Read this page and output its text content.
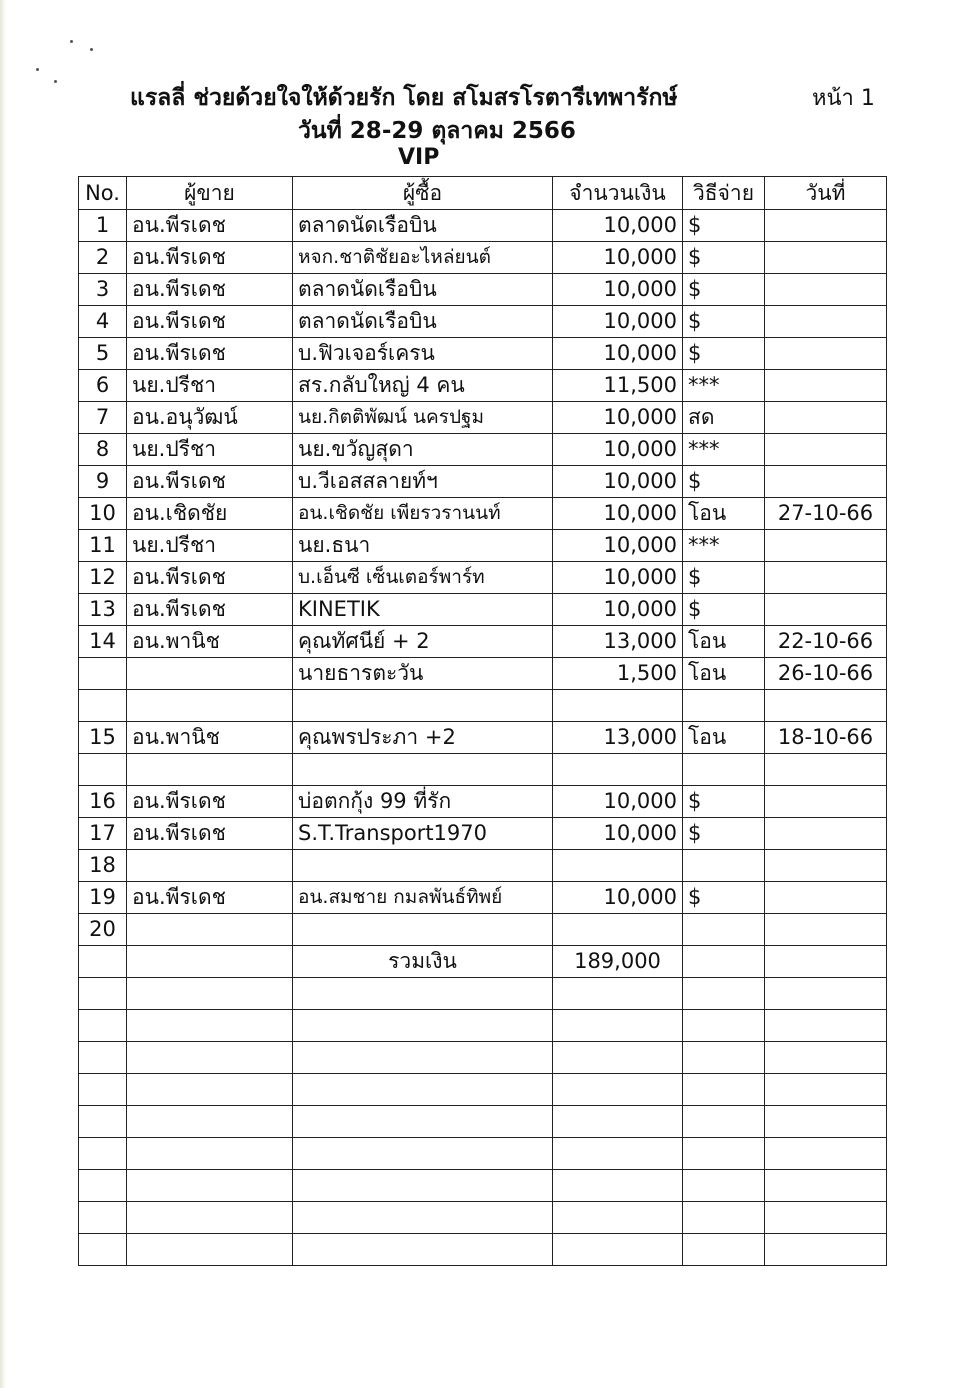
แรลลี่ ช่วยด้วยใจให้ด้วยรัก โดย สโมสรโรตารีเทพารักษ์
วันที่ 28-29 ตุลาคม 2566
VIP
หน้า 1
No.	ผู้ขาย	ผู้ซื้อ	จำนวนเงิน	วิธีจ่าย	วันที่
1	อน.พีรเดช	ตลาดนัดเรือบิน	10,000	$	
2	อน.พีรเดช	หจก.ชาติชัยอะไหล่ยนต์	10,000	$	
3	อน.พีรเดช	ตลาดนัดเรือบิน	10,000	$	
4	อน.พีรเดช	ตลาดนัดเรือบิน	10,000	$	
5	อน.พีรเดช	บ.ฟิวเจอร์เครน	10,000	$	
6	นย.ปรีชา	สร.กลับใหญ่ 4 คน	11,500	***	
7	อน.อนุวัฒน์	นย.กิตติพัฒน์ นครปฐม	10,000	สด	
8	นย.ปรีชา	นย.ขวัญสุดา	10,000	***	
9	อน.พีรเดช	บ.วีเอสสลายท์ฯ	10,000	$	
10	อน.เชิดชัย	อน.เชิดชัย เพียรวรานนท์	10,000	โอน	27-10-66
11	นย.ปรีชา	นย.ธนา	10,000	***	
12	อน.พีรเดช	บ.เอ็นซี เซ็นเตอร์พาร์ท	10,000	$	
13	อน.พีรเดช	KINETIK	10,000	$	
14	อน.พานิช	คุณทัศนีย์ + 2	13,000	โอน	22-10-66
		นายธารตะวัน	1,500	โอน	26-10-66

15	อน.พานิช	คุณพรประภา +2	13,000	โอน	18-10-66

16	อน.พีรเดช	บ่อตกกุ้ง 99 ที่รัก	10,000	$	
17	อน.พีรเดช	S.T.Transport1970	10,000	$	
18					
19	อน.พีรเดช	อน.สมชาย กมลพันธ์ทิพย์	10,000	$	
20					
		รวมเงิน	189,000		
